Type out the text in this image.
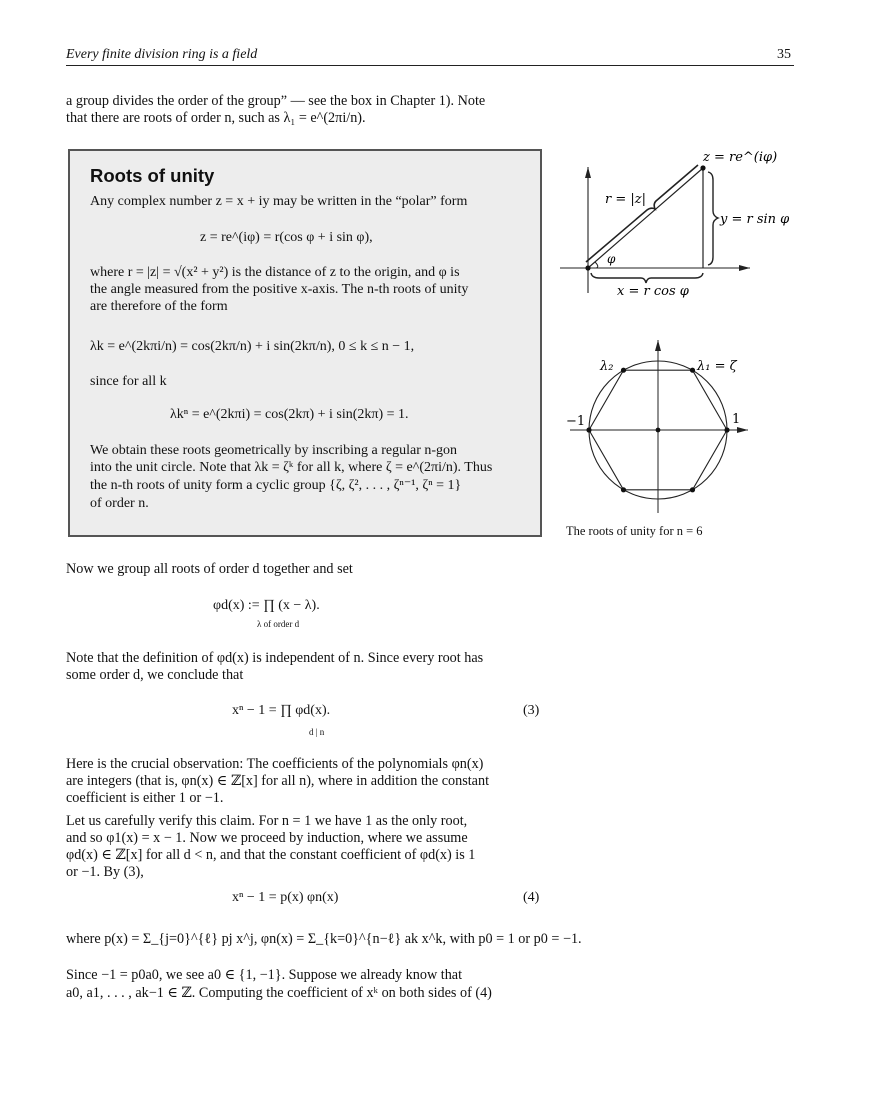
Every finite division ring is a field	35
a group divides the order of the group” — see the box in Chapter 1). Note
that there are roots of order n, such as λ₁ = e^(2πi/n).
Roots of unity
Any complex number z = x + iy may be written in the “polar” form
z = re^(iφ) = r(cos φ + i sin φ),
where r = |z| = √(x² + y²) is the distance of z to the origin, and φ is
the angle measured from the positive x-axis. The n-th roots of unity
are therefore of the form
λk = e^(2kπi/n) = cos(2kπ/n) + i sin(2kπ/n), 0 ≤ k ≤ n − 1,
since for all k
λkⁿ = e^(2kπi) = cos(2kπ) + i sin(2kπ) = 1.
We obtain these roots geometrically by inscribing a regular n-gon
into the unit circle. Note that λk = ζᵏ for all k, where ζ = e^(2πi/n). Thus
the n-th roots of unity form a cyclic group {ζ, ζ², . . . , ζⁿ⁻¹, ζⁿ = 1}
of order n.
z = re^(iφ)
r = |z|
y = r sin φ
x = r cos φ
φ
λ₂	λ₁ = ζ
−1	1
The roots of unity for n = 6
Now we group all roots of order d together and set
φd(x) := ∏ (x − λ).
λ of order d
Note that the definition of φd(x) is independent of n. Since every root has
some order d, we conclude that
xⁿ − 1 = ∏ φd(x).
d | n
(3)
Here is the crucial observation: The coefficients of the polynomials φn(x)
are integers (that is, φn(x) ∈ ℤ[x] for all n), where in addition the constant
coefficient is either 1 or −1.
Let us carefully verify this claim. For n = 1 we have 1 as the only root,
and so φ1(x) = x − 1. Now we proceed by induction, where we assume
φd(x) ∈ ℤ[x] for all d < n, and that the constant coefficient of φd(x) is 1
or −1. By (3),
xⁿ − 1 = p(x) φn(x)	(4)
where p(x) = Σ_{j=0}^{ℓ} pj x^j, φn(x) = Σ_{k=0}^{n−ℓ} ak x^k, with p0 = 1 or p0 = −1.
Since −1 = p0a0, we see a0 ∈ {1, −1}. Suppose we already know that
a0, a1, . . . , ak−1 ∈ ℤ. Computing the coefficient of xᵏ on both sides of (4)
